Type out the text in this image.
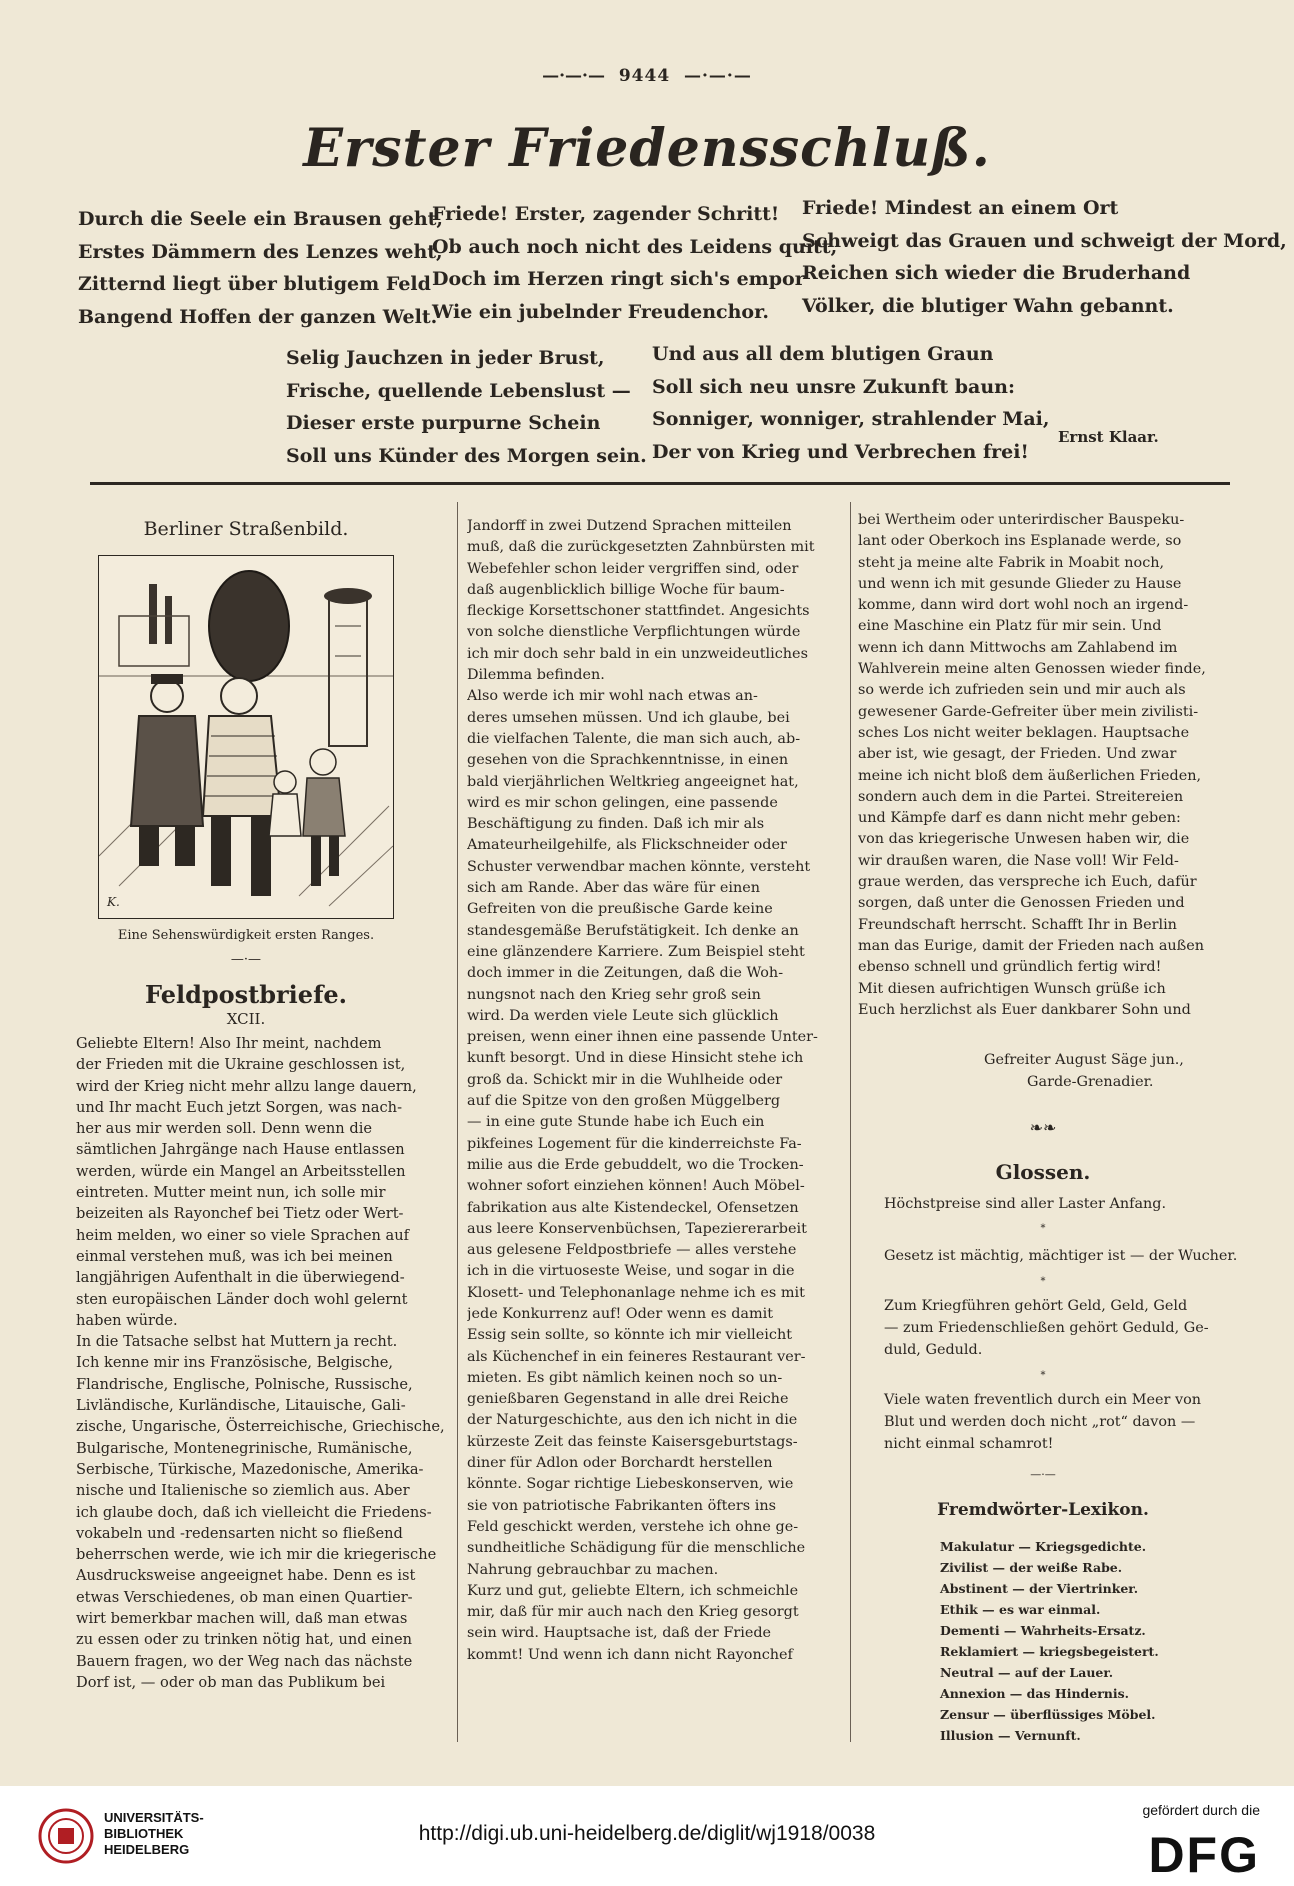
—·—·— 9444 —·—·—
Erster Friedensschluß.
Durch die Seele ein Brausen geht,
Erstes Dämmern des Lenzes weht,
Zitternd liegt über blutigem Feld
Bangend Hoffen der ganzen Welt.
Friede! Erster, zagender Schritt!
Ob auch noch nicht des Leidens quitt,
Doch im Herzen ringt sich's empor
Wie ein jubelnder Freudenchor.
Friede! Mindest an einem Ort
Schweigt das Grauen und schweigt der Mord,
Reichen sich wieder die Bruderhand
Völker, die blutiger Wahn gebannt.
Selig Jauchzen in jeder Brust,
Frische, quellende Lebenslust —
Dieser erste purpurne Schein
Soll uns Künder des Morgen sein.
Und aus all dem blutigen Graun
Soll sich neu unsre Zukunft baun:
Sonniger, wonniger, strahlender Mai,
Der von Krieg und Verbrechen frei!
Ernst Klaar.
Berliner Straßenbild.
K.
Eine Sehenswürdigkeit ersten Ranges.
—·—
Feldpostbriefe.
XCII.
Geliebte Eltern! Also Ihr meint, nachdem
der Frieden mit die Ukraine geschlossen ist,
wird der Krieg nicht mehr allzu lange dauern,
und Ihr macht Euch jetzt Sorgen, was nach-
her aus mir werden soll. Denn wenn die
sämtlichen Jahrgänge nach Hause entlassen
werden, würde ein Mangel an Arbeitsstellen
eintreten. Mutter meint nun, ich solle mir
beizeiten als Rayonchef bei Tietz oder Wert-
heim melden, wo einer so viele Sprachen auf
einmal verstehen muß, was ich bei meinen
langjährigen Aufenthalt in die überwiegend-
sten europäischen Länder doch wohl gelernt
haben würde.
In die Tatsache selbst hat Muttern ja recht.
Ich kenne mir ins Französische, Belgische,
Flandrische, Englische, Polnische, Russische,
Livländische, Kurländische, Litauische, Gali-
zische, Ungarische, Österreichische, Griechische,
Bulgarische, Montenegrinische, Rumänische,
Serbische, Türkische, Mazedonische, Amerika-
nische und Italienische so ziemlich aus. Aber
ich glaube doch, daß ich vielleicht die Friedens-
vokabeln und -redensarten nicht so fließend
beherrschen werde, wie ich mir die kriegerische
Ausdrucksweise angeeignet habe. Denn es ist
etwas Verschiedenes, ob man einen Quartier-
wirt bemerkbar machen will, daß man etwas
zu essen oder zu trinken nötig hat, und einen
Bauern fragen, wo der Weg nach das nächste
Dorf ist, — oder ob man das Publikum bei
Jandorff in zwei Dutzend Sprachen mitteilen
muß, daß die zurückgesetzten Zahnbürsten mit
Webefehler schon leider vergriffen sind, oder
daß augenblicklich billige Woche für baum-
fleckige Korsettschoner stattfindet. Angesichts
von solche dienstliche Verpflichtungen würde
ich mir doch sehr bald in ein unzweideutliches
Dilemma befinden.
Also werde ich mir wohl nach etwas an-
deres umsehen müssen. Und ich glaube, bei
die vielfachen Talente, die man sich auch, ab-
gesehen von die Sprachkenntnisse, in einen
bald vierjährlichen Weltkrieg angeeignet hat,
wird es mir schon gelingen, eine passende
Beschäftigung zu finden. Daß ich mir als
Amateurheilgehilfe, als Flickschneider oder
Schuster verwendbar machen könnte, versteht
sich am Rande. Aber das wäre für einen
Gefreiten von die preußische Garde keine
standesgemäße Berufstätigkeit. Ich denke an
eine glänzendere Karriere. Zum Beispiel steht
doch immer in die Zeitungen, daß die Woh-
nungsnot nach den Krieg sehr groß sein
wird. Da werden viele Leute sich glücklich
preisen, wenn einer ihnen eine passende Unter-
kunft besorgt. Und in diese Hinsicht stehe ich
groß da. Schickt mir in die Wuhlheide oder
auf die Spitze von den großen Müggelberg
— in eine gute Stunde habe ich Euch ein
pikfeines Logement für die kinderreichste Fa-
milie aus die Erde gebuddelt, wo die Trocken-
wohner sofort einziehen können! Auch Möbel-
fabrikation aus alte Kistendeckel, Ofensetzen
aus leere Konservenbüchsen, Tapeziererarbeit
aus gelesene Feldpostbriefe — alles verstehe
ich in die virtuoseste Weise, und sogar in die
Klosett- und Telephonanlage nehme ich es mit
jede Konkurrenz auf! Oder wenn es damit
Essig sein sollte, so könnte ich mir vielleicht
als Küchenchef in ein feineres Restaurant ver-
mieten. Es gibt nämlich keinen noch so un-
genießbaren Gegenstand in alle drei Reiche
der Naturgeschichte, aus den ich nicht in die
kürzeste Zeit das feinste Kaisersgeburtstags-
diner für Adlon oder Borchardt herstellen
könnte. Sogar richtige Liebeskonserven, wie
sie von patriotische Fabrikanten öfters ins
Feld geschickt werden, verstehe ich ohne ge-
sundheitliche Schädigung für die menschliche
Nahrung gebrauchbar zu machen.
Kurz und gut, geliebte Eltern, ich schmeichle
mir, daß für mir auch nach den Krieg gesorgt
sein wird. Hauptsache ist, daß der Friede
kommt! Und wenn ich dann nicht Rayonchef
bei Wertheim oder unterirdischer Bauspeku-
lant oder Oberkoch ins Esplanade werde, so
steht ja meine alte Fabrik in Moabit noch,
und wenn ich mit gesunde Glieder zu Hause
komme, dann wird dort wohl noch an irgend-
eine Maschine ein Platz für mir sein. Und
wenn ich dann Mittwochs am Zahlabend im
Wahlverein meine alten Genossen wieder finde,
so werde ich zufrieden sein und mir auch als
gewesener Garde-Gefreiter über mein zivilisti-
sches Los nicht weiter beklagen. Hauptsache
aber ist, wie gesagt, der Frieden. Und zwar
meine ich nicht bloß dem äußerlichen Frieden,
sondern auch dem in die Partei. Streitereien
und Kämpfe darf es dann nicht mehr geben:
von das kriegerische Unwesen haben wir, die
wir draußen waren, die Nase voll! Wir Feld-
graue werden, das verspreche ich Euch, dafür
sorgen, daß unter die Genossen Frieden und
Freundschaft herrscht. Schafft Ihr in Berlin
man das Eurige, damit der Frieden nach außen
ebenso schnell und gründlich fertig wird!
Mit diesen aufrichtigen Wunsch grüße ich
Euch herzlichst als Euer dankbarer Sohn und
Gefreiter August Säge jun.,
Garde-Grenadier.
❧❧
Glossen.
Höchstpreise sind aller Laster Anfang.
*
Gesetz ist mächtig, mächtiger ist — der Wucher.
*
Zum Kriegführen gehört Geld, Geld, Geld
— zum Friedenschließen gehört Geduld, Ge-
duld, Geduld.
*
Viele waten freventlich durch ein Meer von
Blut und werden doch nicht „rot“ davon —
nicht einmal schamrot!
—·—
Fremdwörter-Lexikon.
Makulatur — Kriegsgedichte.
Zivilist — der weiße Rabe.
Abstinent — der Viertrinker.
Ethik — es war einmal.
Dementi — Wahrheits-Ersatz.
Reklamiert — kriegsbegeistert.
Neutral — auf der Lauer.
Annexion — das Hindernis.
Zensur — überflüssiges Möbel.
Illusion — Vernunft.
UNIVERSITÄTS-
BIBLIOTHEK
HEIDELBERG
http://digi.ub.uni-heidelberg.de/diglit/wj1918/0038
gefördert durch die
DFG
